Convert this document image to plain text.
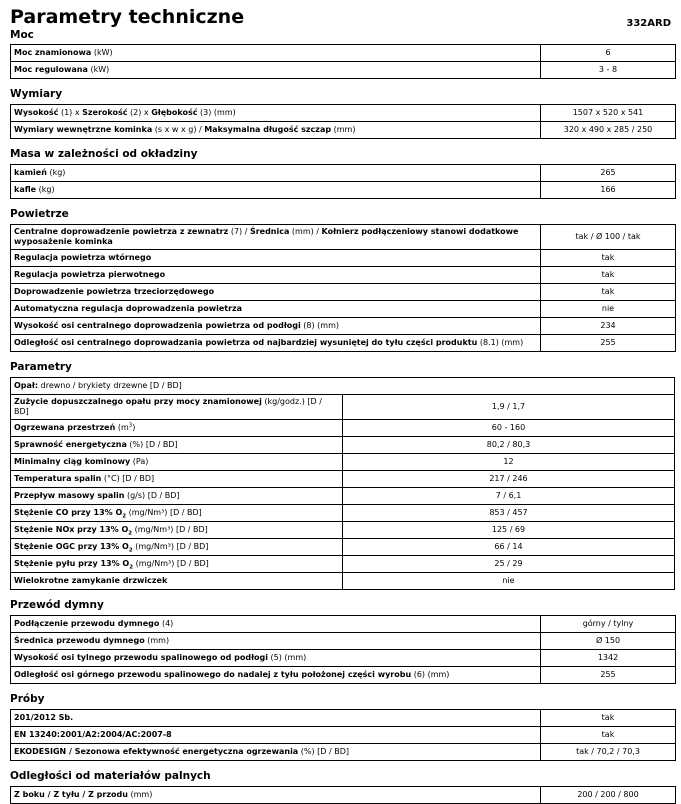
Parametry techniczne	332ARD
Moc
Moc znamionowa (kW)	6
Moc regulowana (kW)	3 - 8
Wymiary
Wysokość (1) x Szerokość (2) x Głębokość (3) (mm)	1507 x 520 x 541
Wymiary wewnętrzne kominka (s x w x g) / Maksymalna długość szczap (mm)	320 x 490 x 285 / 250
Masa w zależności od okładziny
kamień (kg)	265
kafle (kg)	166
Powietrze
Centralne doprowadzenie powietrza z zewnatrz (7) / Średnica (mm) / Kołnierz podłączeniowy stanowi dodatkowe wyposażenie kominka	tak / Ø 100 / tak
Regulacja powietrza wtórnego	tak
Regulacja powietrza pierwotnego	tak
Doprowadzenie powietrza trzeciorzędowego	tak
Automatyczna regulacja doprowadzenia powietrza	nie
Wysokość osi centralnego doprowadzenia powietrza od podłogi (8) (mm)	234
Odległość osi centralnego doprowadzania powietrza od najbardziej wysuniętej do tyłu części produktu (8.1) (mm)	255
Parametry
Opał: drewno / brykiety drzewne [D / BD]	
Zużycie dopuszczalnego opału przy mocy znamionowej (kg/godz.) [D / BD]	1,9 / 1,7
Ogrzewana przestrzeń $(m^3)$	60 - 160
Sprawność energetyczna (%) [D / BD]	80,2 / 80,3
Minimalny ciąg kominowy (Pa)	12
Temperatura spalin (°C) [D / BD]	217 / 246
Przepływ masowy spalin (g/s) [D / BD]	7 / 6,1
Stężenie CO przy 13% $O_2$ (mg/Nm³) [D / BD]	853 / 457
Stężenie NOx przy 13% $O_2$ (mg/Nm³) [D / BD]	125 / 69
Stężenie OGC przy 13% $O_2$ (mg/Nm³) [D / BD]	66 / 14
Stężenie pyłu przy 13% $O_2$ (mg/Nm³) [D / BD]	25 / 29
Wielokrotne zamykanie drzwiczek	nie
Przewód dymny
Podłączenie przewodu dymnego (4)	górny / tylny
Średnica przewodu dymnego (mm)	Ø 150
Wysokość osi tylnego przewodu spalinowego od podłogi (5) (mm)	1342
Odległość osi górnego przewodu spalinowego do nadalej z tyłu położonej części wyrobu (6) (mm)	255
Próby
201/2012 Sb.	tak
EN 13240:2001/A2:2004/AC:2007-8	tak
EKODESIGN / Sezonowa efektywność energetyczna ogrzewania (%) [D / BD]	tak / 70,2 / 70,3
Odległości od materiałów palnych
Z boku / Z tyłu / Z przodu (mm)	200 / 200 / 800
